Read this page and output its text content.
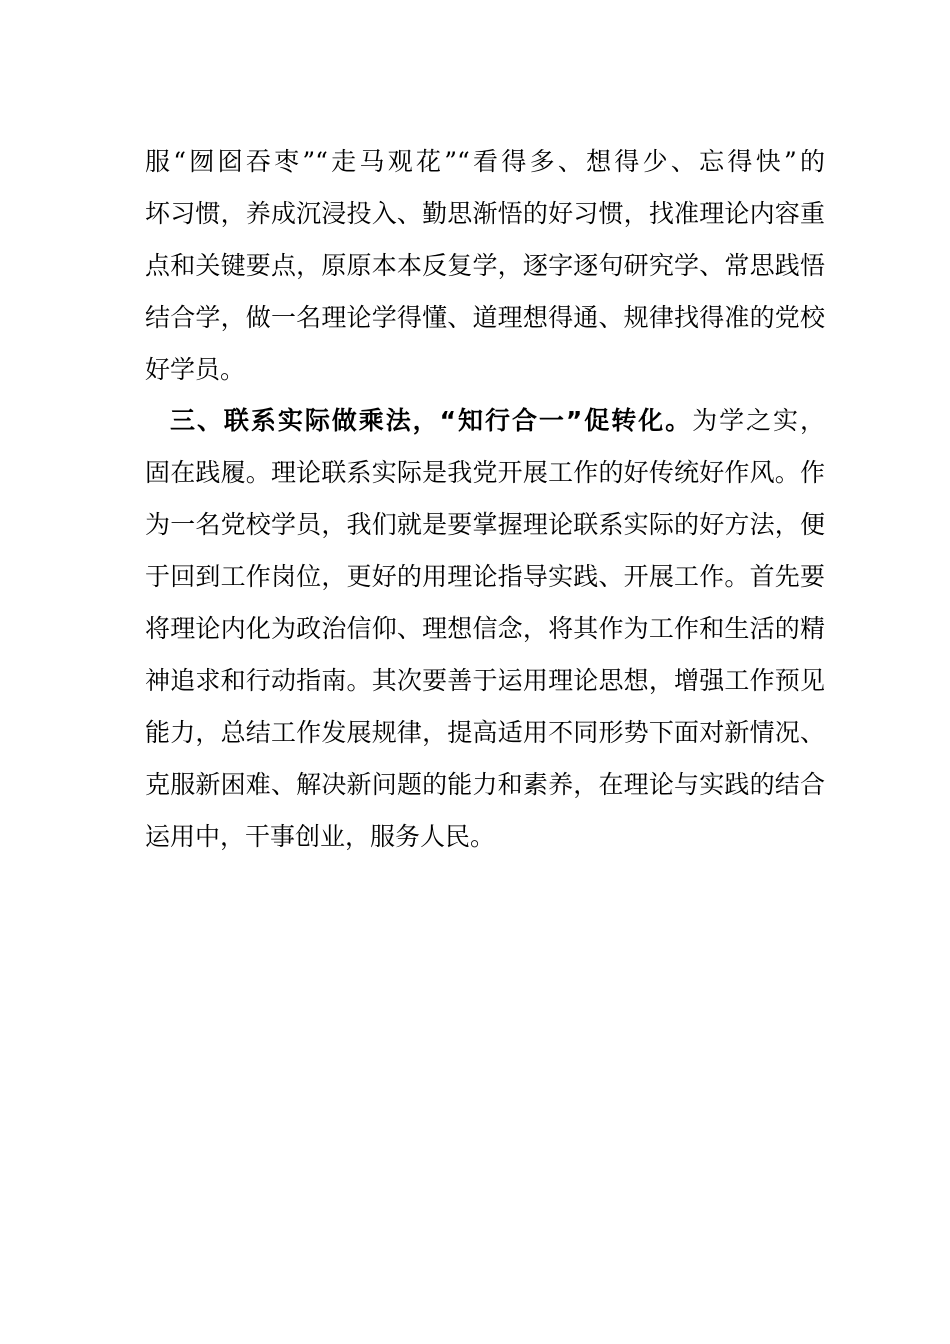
服“囫囵吞枣”“走马观花”“看得多、想得少、忘得快”的
坏习惯，养成沉浸投入、勤思渐悟的好习惯，找准理论内容重
点和关键要点，原原本本反复学，逐字逐句研究学、常思践悟
结合学，做一名理论学得懂、道理想得通、规律找得准的党校
好学员。
三、联系实际做乘法，“知行合一”促转化。为学之实，
固在践履。理论联系实际是我党开展工作的好传统好作风。作
为一名党校学员，我们就是要掌握理论联系实际的好方法，便
于回到工作岗位，更好的用理论指导实践、开展工作。首先要
将理论内化为政治信仰、理想信念，将其作为工作和生活的精
神追求和行动指南。其次要善于运用理论思想，增强工作预见
能力，总结工作发展规律，提高适用不同形势下面对新情况、
克服新困难、解决新问题的能力和素养，在理论与实践的结合
运用中，干事创业，服务人民。
